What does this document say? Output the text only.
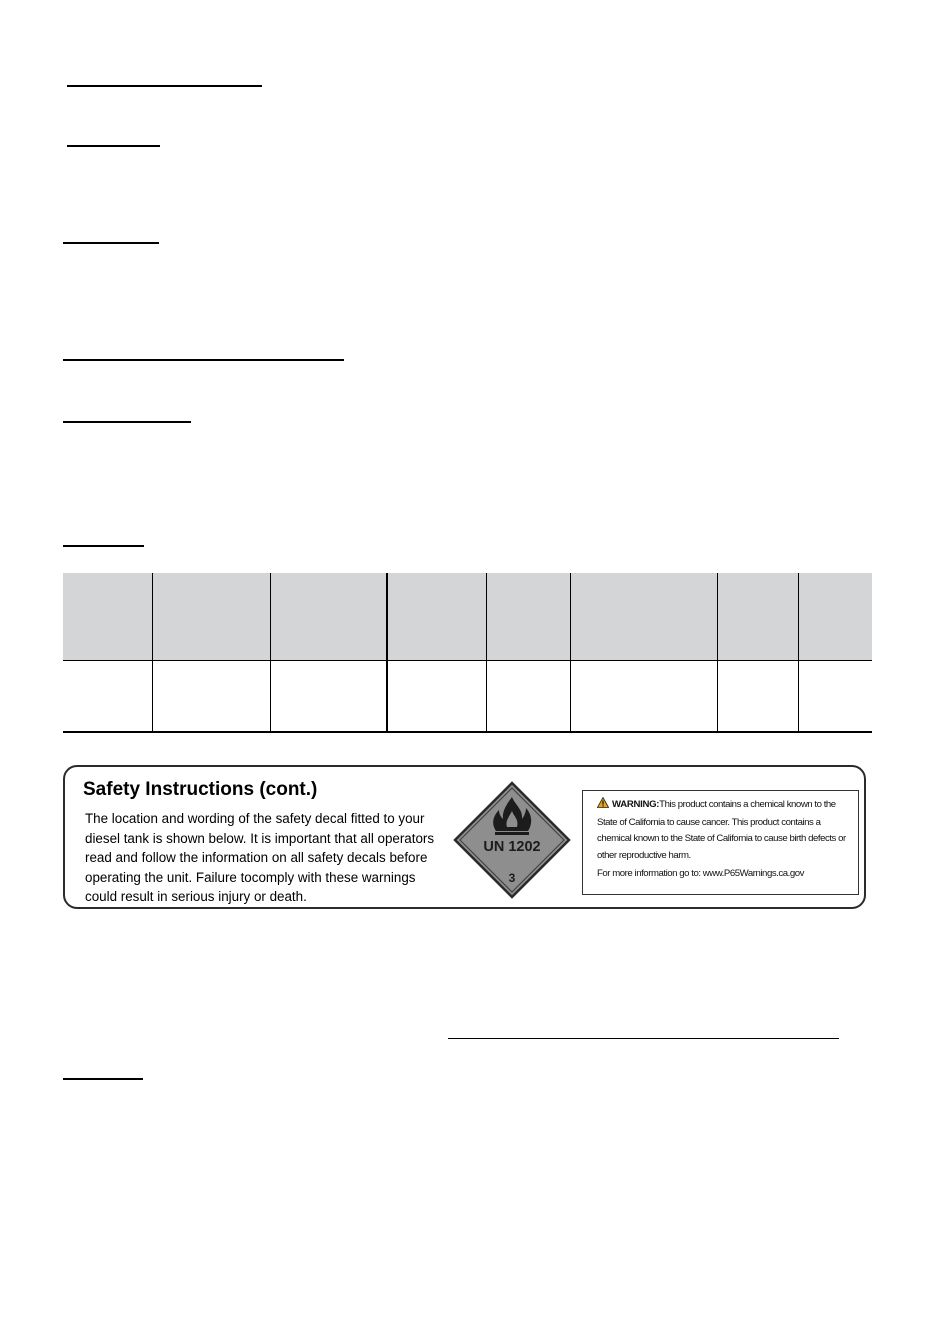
Safety Instructions (cont.)
The location and wording of the safety decal fitted to your diesel tank is shown below. It is important that all operators read and follow the information on all safety decals before operating the unit. Failure tocomply with these warnings could result in serious injury or death.
UN 1202
3
WARNING:This product contains a chemical known to the State of California to cause cancer. This product contains a chemical known to the State of California to cause birth defects or other reproductive harm.
For more information go to: www.P65Warnings.ca.gov
